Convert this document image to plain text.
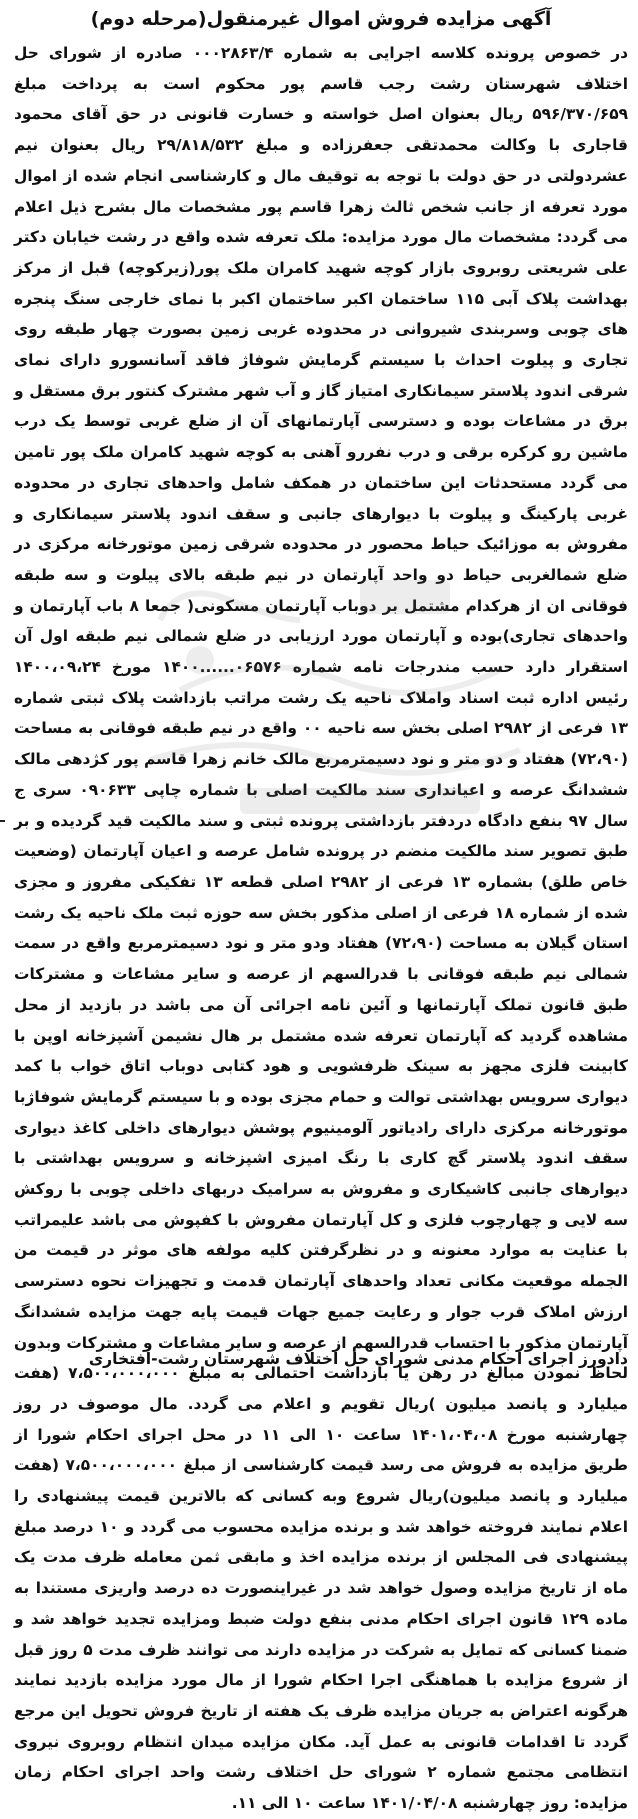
آگهی مزایده فروش اموال غیرمنقول(مرحله دوم)

در خصوص پرونده کلاسه اجرایی به شماره ۰۰۰۲۸۶۳/۴ صادره از شورای حل اختلاف شهرستان رشت رجب قاسم پور محکوم است به پرداخت مبلغ ۵۹۶/۳۷۰/۶۵۹ ریال بعنوان اصل خواسته و خسارت قانونی در حق آقای محمود قاجاری با وکالت محمدتقی جعفرزاده و مبلغ ۲۹/۸۱۸/۵۳۲ ریال بعنوان نیم عشردولتی در حق دولت با توجه به توقیف مال و کارشناسی انجام شده از اموال مورد تعرفه از جانب شخص ثالث زهرا قاسم پور مشخصات مال بشرح ذیل اعلام می گردد: مشخصات مال مورد مزایده: ملک تعرفه شده واقع در رشت خیابان دکتر علی شریعتی روبروی بازار کوچه شهید کامران ملک پور(زیرکوچه) قبل از مرکز بهداشت پلاک آبی ۱۱۵ ساختمان اکبر ساختمان اکبر با نمای خارجی سنگ پنجره های چوبی وسربندی شیروانی در محدوده غربی زمین بصورت چهار طبقه روی تجاری و پیلوت احداث با سیستم گرمایش شوفاژ فاقد آسانسورو دارای نمای شرقی اندود پلاستر سیمانکاری امتیاز گاز و آب شهر مشترک کنتور برق مستقل و برق در مشاعات بوده و دسترسی آپارتمانهای آن از ضلع غربی توسط یک درب ماشین رو کرکره برقی و درب نفررو آهنی به کوچه شهید کامران ملک پور تامین می گردد مستحدثات این ساختمان در همکف شامل واحدهای تجاری در محدوده غربی پارکینگ و پیلوت با دیوارهای جانبی و سقف اندود پلاستر سیمانکاری و مفروش به موزائیک حیاط محصور در محدوده شرقی زمین موتورخانه مرکزی در ضلع شمالغربی حیاط دو واحد آپارتمان در نیم طبقه بالای پیلوت و سه طبقه فوقانی ان از هرکدام مشتمل بر دوباب آپارتمان مسکونی( جمعا ۸ باب آپارتمان و واحدهای تجاری)بوده و آپارتمان مورد ارزیابی در ضلع شمالی نیم طبقه اول آن استقرار دارد حسب مندرجات نامه شماره ۰۶۵۷۶......۱۴۰۰ مورخ ۱۴۰۰،۰۹،۲۴ رئیس اداره ثبت اسناد واملاک ناحیه یک رشت مراتب بازداشت پلاک ثبتی شماره ۱۳ فرعی از ۲۹۸۲ اصلی بخش سه ناحیه ۰۰ واقع در نیم طبقه فوقانی به مساحت (۷۲،۹۰) هفتاد و دو متر و نود دسیمترمربع مالک خانم زهرا قاسم پور کژدهی مالک ششدانگ عرصه و اعیانداری سند مالکیت اصلی با شماره چاپی ۰۹۰۶۳۳ سری ج سال ۹۷ بنفع دادگاه دردفتر بازداشتی پرونده ثبتی و سند مالکیت قید گردیده و بر طبق تصویر سند مالکیت منضم در پرونده شامل عرصه و اعیان آپارتمان (وضعیت خاص طلق) بشماره ۱۳ فرعی از ۲۹۸۲ اصلی قطعه ۱۳ تفکیکی مفروز و مجزی شده از شماره ۱۸ فرعی از اصلی مذکور بخش سه حوزه ثبت ملک ناحیه یک رشت استان گیلان به مساحت (۷۲،۹۰) هفتاد ودو متر و نود دسیمترمربع واقع در سمت شمالی نیم طبقه فوقانی با قدرالسهم از عرصه و سایر مشاعات و مشترکات طبق قانون تملک آپارتمانها و آئین نامه اجرائی آن می باشد در بازدید از محل مشاهده گردید که آپارتمان تعرفه شده مشتمل بر هال نشیمن آشپزخانه اوپن با کابینت فلزی مجهز به سینک ظرفشویی و هود کتابی دوباب اتاق خواب با کمد دیواری سرویس بهداشتی توالت و حمام مجزی بوده و با سیستم گرمایش شوفاژبا موتورخانه مرکزی دارای رادیاتور آلومینیوم پوشش دیوارهای داخلی کاغذ دیواری سقف اندود پلاستر گچ کاری با رنگ امیزی اشپزخانه و سرویس بهداشتی با دیوارهای جانبی کاشیکاری و مفروش به سرامیک دربهای داخلی چوبی با روکش سه لایی و چهارچوب فلزی و کل آپارتمان مفروش با کفپوش می باشد علیمراتب با عنایت به موارد معنونه و در نظرگرفتن کلیه مولفه های موثر در قیمت من الجمله موقعیت مکانی تعداد واحدهای آپارتمان قدمت و تجهیزات نحوه دسترسی ارزش املاک قرب جوار و رعایت جمیع جهات قیمت پایه جهت مزایده ششدانگ آپارتمان مذکور با احتساب قدرالسهم از عرصه و سایر مشاعات و مشترکات وبدون لحاظ نمودن مبالغ در رهن یا بازداشت احتمالی به مبلغ ۷،۵۰۰،۰۰۰،۰۰۰ (هفت میلیارد و پانصد میلیون )ریال تقویم و اعلام می گردد. مال موصوف در روز چهارشنبه مورخ ۱۴۰۱،۰۴،۰۸ ساعت ۱۰ الی ۱۱ در محل اجرای احکام شورا از طریق مزایده به فروش می رسد قیمت کارشناسی از مبلغ ۷،۵۰۰،۰۰۰،۰۰۰ (هفت میلیارد و پانصد میلیون)ریال شروع وبه کسانی که بالاترین قیمت پیشنهادی را اعلام نمایند فروخته خواهد شد و برنده مزایده محسوب می گردد و ۱۰ درصد مبلغ پیشنهادی فی المجلس از برنده مزایده اخذ و مابقی ثمن معامله ظرف مدت یک ماه از تاریخ مزایده وصول خواهد شد در غیراینصورت ده درصد واریزی مستندا به ماده ۱۲۹ قانون اجرای احکام مدنی بنفع دولت ضبط ومزایده تجدید خواهد شد و ضمنا کسانی که تمایل به شرکت در مزایده دارند می توانند ظرف مدت ۵ روز قبل از شروع مزایده با هماهنگی اجرا احکام شورا از مال مورد مزایده بازدید نمایند هرگونه اعتراض به جریان مزایده ظرف یک هفته از تاریخ فروش تحویل این مرجع گردد تا اقدامات قانونی به عمل آید. مکان مزایده میدان انتظام روبروی نیروی انتظامی مجتمع شماره ۲ شورای حل اختلاف رشت واحد اجرای احکام زمان مزایده: روز چهارشنبه ۱۴۰۱/۰۴/۰۸ ساعت ۱۰ الی ۱۱.

دادورز اجرای احکام مدنی شورای حل اختلاف شهرستان رشت-افتخاری
